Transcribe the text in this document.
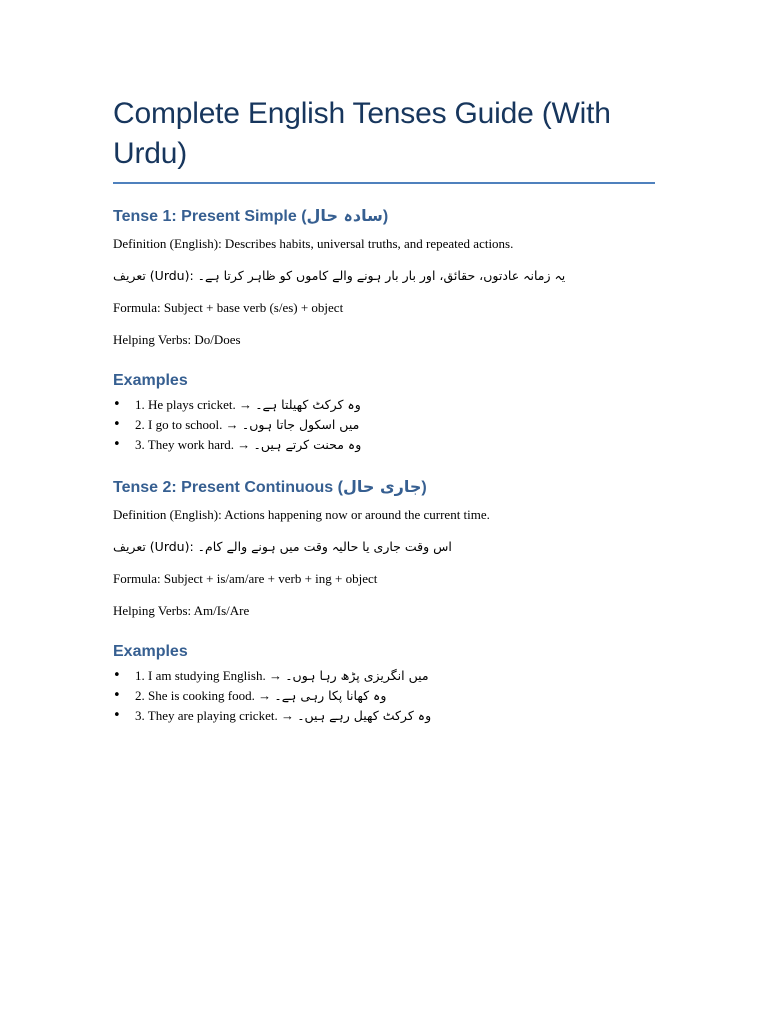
Complete English Tenses Guide (With Urdu)
Tense 1: Present Simple (سادہ حال)

Definition (English): Describes habits, universal truths, and repeated actions.

تعریف (Urdu): یہ زمانہ عادتوں، حقائق، اور بار بار ہونے والے کاموں کو ظاہر کرتا ہے۔

Formula: Subject + base verb (s/es) + object

Helping Verbs: Do/Does

Examples
• 1. He plays cricket. → وہ کرکٹ کھیلتا ہے۔
• 2. I go to school. → میں اسکول جاتا ہوں۔
• 3. They work hard. → وہ محنت کرتے ہیں۔
Tense 2: Present Continuous (جاری حال)

Definition (English): Actions happening now or around the current time.

تعریف (Urdu): اس وقت جاری یا حالیہ وقت میں ہونے والے کام۔

Formula: Subject + is/am/are + verb + ing + object

Helping Verbs: Am/Is/Are

Examples
• 1. I am studying English. → میں انگریزی پڑھ رہا ہوں۔
• 2. She is cooking food. → وہ کھانا پکا رہی ہے۔
• 3. They are playing cricket. → وہ کرکٹ کھیل رہے ہیں۔
